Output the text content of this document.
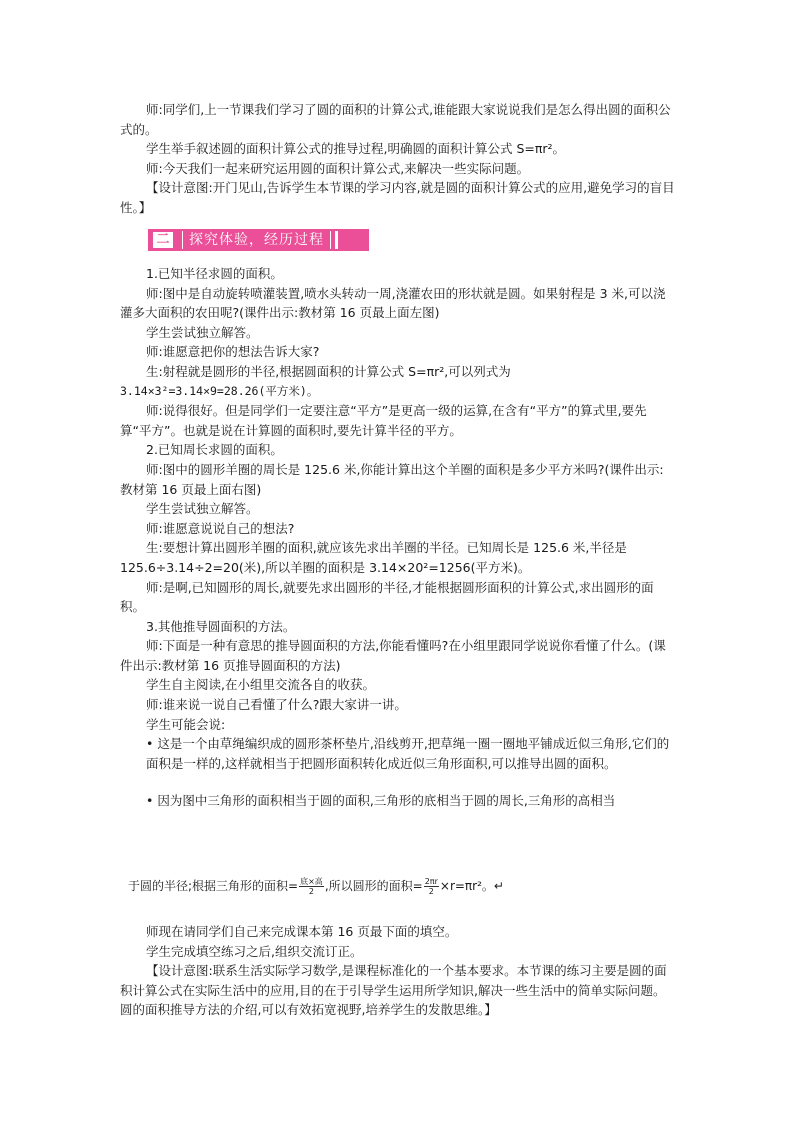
师:同学们,上一节课我们学习了圆的面积的计算公式,谁能跟大家说说我们是怎么得出圆的面积公式的。

学生举手叙述圆的面积计算公式的推导过程,明确圆的面积计算公式 S=πr²。

师:今天我们一起来研究运用圆的面积计算公式,来解决一些实际问题。

【设计意图:开门见山,告诉学生本节课的学习内容,就是圆的面积计算公式的应用,避免学习的盲目性。】

二	探究体验，经历过程

1.已知半径求圆的面积。

师:图中是自动旋转喷灌装置,喷水头转动一周,浇灌农田的形状就是圆。如果射程是 3 米,可以浇灌多大面积的农田呢?(课件出示:教材第 16 页最上面左图)

学生尝试独立解答。

师:谁愿意把你的想法告诉大家?

生:射程就是圆形的半径,根据圆面积的计算公式 S=πr²,可以列式为

3.14×3²=3.14×9=28.26(平方米)。

师:说得很好。但是同学们一定要注意“平方”是更高一级的运算,在含有“平方”的算式里,要先算“平方”。也就是说在计算圆的面积时,要先计算半径的平方。

2.已知周长求圆的面积。

师:图中的圆形羊圈的周长是 125.6 米,你能计算出这个羊圈的面积是多少平方米吗?(课件出示:教材第 16 页最上面右图)

学生尝试独立解答。

师:谁愿意说说自己的想法?

生:要想计算出圆形羊圈的面积,就应该先求出羊圈的半径。已知周长是 125.6 米,半径是 125.6÷3.14÷2=20(米),所以羊圈的面积是 3.14×20²=1256(平方米)。

师:是啊,已知圆形的周长,就要先求出圆形的半径,才能根据圆形面积的计算公式,求出圆形的面积。

3.其他推导圆面积的方法。

师:下面是一种有意思的推导圆面积的方法,你能看懂吗?在小组里跟同学说说你看懂了什么。(课件出示:教材第 16 页推导圆面积的方法)

学生自主阅读,在小组里交流各自的收获。

师:谁来说一说自己看懂了什么?跟大家讲一讲。

学生可能会说:

• 这是一个由草绳编织成的圆形茶杯垫片,沿线剪开,把草绳一圈一圈地平铺成近似三角形,它们的面积是一样的,这样就相当于把圆形面积转化成近似三角形面积,可以推导出圆的面积。

• 因为图中三角形的面积相当于圆的面积,三角形的底相当于圆的周长,三角形的高相当

于圆的半径;根据三角形的面积= $\frac{\text{底×高}}{2}$ ,所以圆形的面积= $\frac{2\pi r}{2} \times r=\pi r^2$。↵

师现在请同学们自己来完成课本第 16 页最下面的填空。

学生完成填空练习之后,组织交流订正。

【设计意图:联系生活实际学习数学,是课程标准化的一个基本要求。本节课的练习主要是圆的面积计算公式在实际生活中的应用,目的在于引导学生运用所学知识,解决一些生活中的简单实际问题。圆的面积推导方法的介绍,可以有效拓宽视野,培养学生的发散思维。】
